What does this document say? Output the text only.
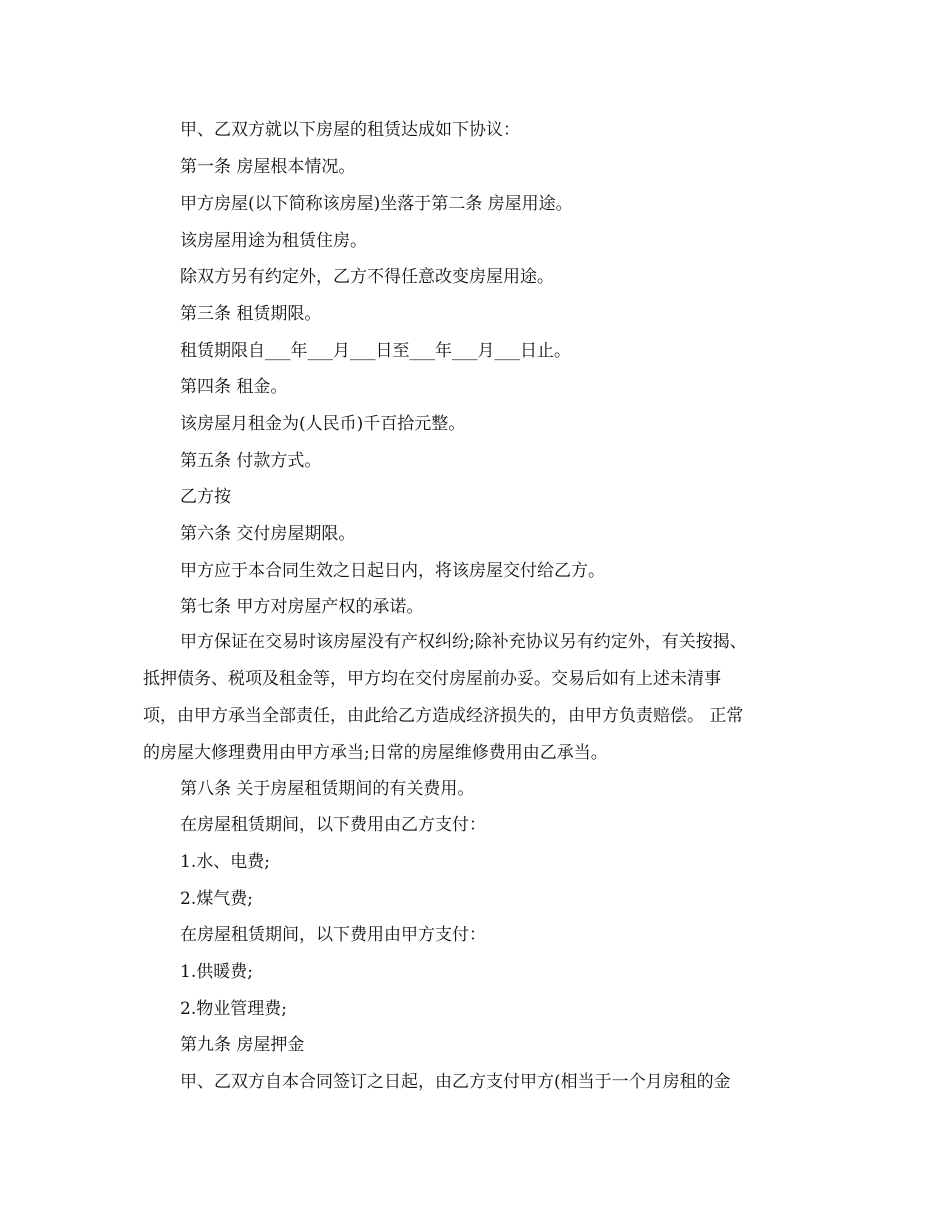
甲、乙双方就以下房屋的租赁达成如下协议：
第一条 房屋根本情况。
甲方房屋(以下简称该房屋)坐落于第二条 房屋用途。
该房屋用途为租赁住房。
除双方另有约定外，乙方不得任意改变房屋用途。
第三条 租赁期限。
租赁期限自___年___月___日至___年___月___日止。
第四条 租金。
该房屋月租金为(人民币)千百拾元整。
第五条 付款方式。
乙方按
第六条 交付房屋期限。
甲方应于本合同生效之日起日内，将该房屋交付给乙方。
第七条 甲方对房屋产权的承诺。
甲方保证在交易时该房屋没有产权纠纷;除补充协议另有约定外，有关按揭、
抵押债务、税项及租金等，甲方均在交付房屋前办妥。交易后如有上述未清事
项，由甲方承当全部责任，由此给乙方造成经济损失的，由甲方负责赔偿。 正常
的房屋大修理费用由甲方承当;日常的房屋维修费用由乙承当。
第八条 关于房屋租赁期间的有关费用。
在房屋租赁期间，以下费用由乙方支付：
1.水、电费;
2.煤气费;
在房屋租赁期间，以下费用由甲方支付：
1.供暖费;
2.物业管理费;
第九条 房屋押金
甲、乙双方自本合同签订之日起，由乙方支付甲方(相当于一个月房租的金
